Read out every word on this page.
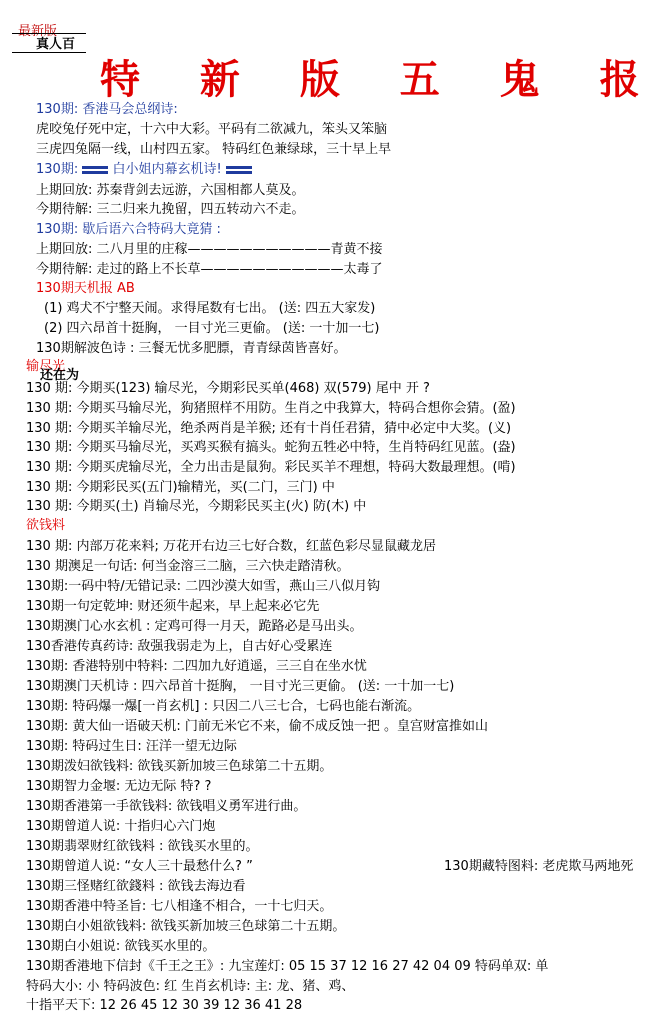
最新版
真人百
特 新 版 五 鬼 报
130期: 香港马会总纲诗:
虎咬兔仔死中定，十六中大彩。平码有二欲减九，笨头又笨脑
三虎四兔隔一线，山村四五家。 特码红色兼绿球，三十早上早
130期:
白小姐内幕玄机诗!
上期回放: 苏秦背剑去远游，六国相都人莫及。
今期待解: 三二归来九挽留，四五转动六不走。
130期: 歇后语六合特码大竟猜 :
上期回放: 二八月里的庄稼———————————青黄不接
今期待解: 走过的路上不长草———————————太毒了
130期天机报 AB
(1) 鸡犬不宁整天闹。求得尾数有七出。 (送: 四五大家发)
(2) 四六昂首十挺胸， 一目寸光三更偷。 (送: 一十加一七)
130期解波色诗 : 三餐无忧多肥膘，青青绿茵皆喜好。
输尽光
还在为
130 期: 今期买(123) 输尽光，今期彩民买单(468) 双(579) 尾中 开 ?
130 期: 今期买马输尽光，狗猪照样不用防。生肖之中我算大，特码合想你会猜。(盈)
130 期: 今期买羊输尽光，绝杀两肖是羊猴; 还有十肖任君猜，猜中必定中大奖。(义)
130 期: 今期买马输尽光，买鸡买猴有搞头。蛇狗五牲必中特，生肖特码红见蓝。(盎)
130 期: 今期买虎输尽光，全力出击是鼠狗。彩民买羊不理想，特码大数最理想。(啃)
130 期: 今期彩民买(五门)输精光，买(二门，三门) 中
130 期: 今期买(土) 肖输尽光，今期彩民买主(火) 防(木) 中
欲钱料
130 期: 内部万花来料; 万花开右边三七好合数，红蓝色彩尽显鼠藏龙居
130 期澳足一句话: 何当金溶三二脑，三六快走踏清秋。
130期:一码中特/无错记录: 二四沙漠大如雪，燕山三八似月钩
130期一句定乾坤: 财还须牛起来，早上起来必它先
130期澳门心水玄机 : 定鸡可得一月天，跪路必是马出头。
130香港传真药诗: 敌强我弱走为上，自古好心受累连
130期: 香港特别中特料: 二四加九好逍遥，三三自在坐水忧
130期澳门天机诗 : 四六昂首十挺胸， 一目寸光三更偷。 (送: 一十加一七)
130期: 特码爆一爆[一肖玄机] : 只因二八三七合，七码也能右渐流。
130期: 黄大仙一语破天机: 门前无米它不来，偷不成反蚀一把 。皇宫财富推如山
130期: 特码过生日: 汪洋一望无边际
130期泼妇欲钱料: 欲钱买新加坡三色球第二十五期。
130期智力金堰: 无边无际 特? ?
130期香港第一手欲钱料: 欲钱唱义勇军进行曲。
130期曾道人说: 十指归心六门炮
130期翡翠财红欲钱料 : 欲钱买水里的。
130期曾道人说: “女人三十最愁什么? ”	130期藏特图料: 老虎欺马两地死
130期三怪赌红欲錢料 : 欲钱去海边看
130期香港中特圣旨: 七八相逢不相合，一十七归天。
130期白小姐欲钱料: 欲钱买新加坡三色球第二十五期。
130期白小姐说: 欲钱买水里的。
130期香港地下信封《千王之王》: 九宝莲灯: 05 15 37 12 16 27 42 04 09 特码单双: 单
特码大小: 小 特码波色: 红 生肖玄机诗: 主: 龙、猪、鸡、
十指平天下: 12 26 45 12 30 39 12 36 41 28
